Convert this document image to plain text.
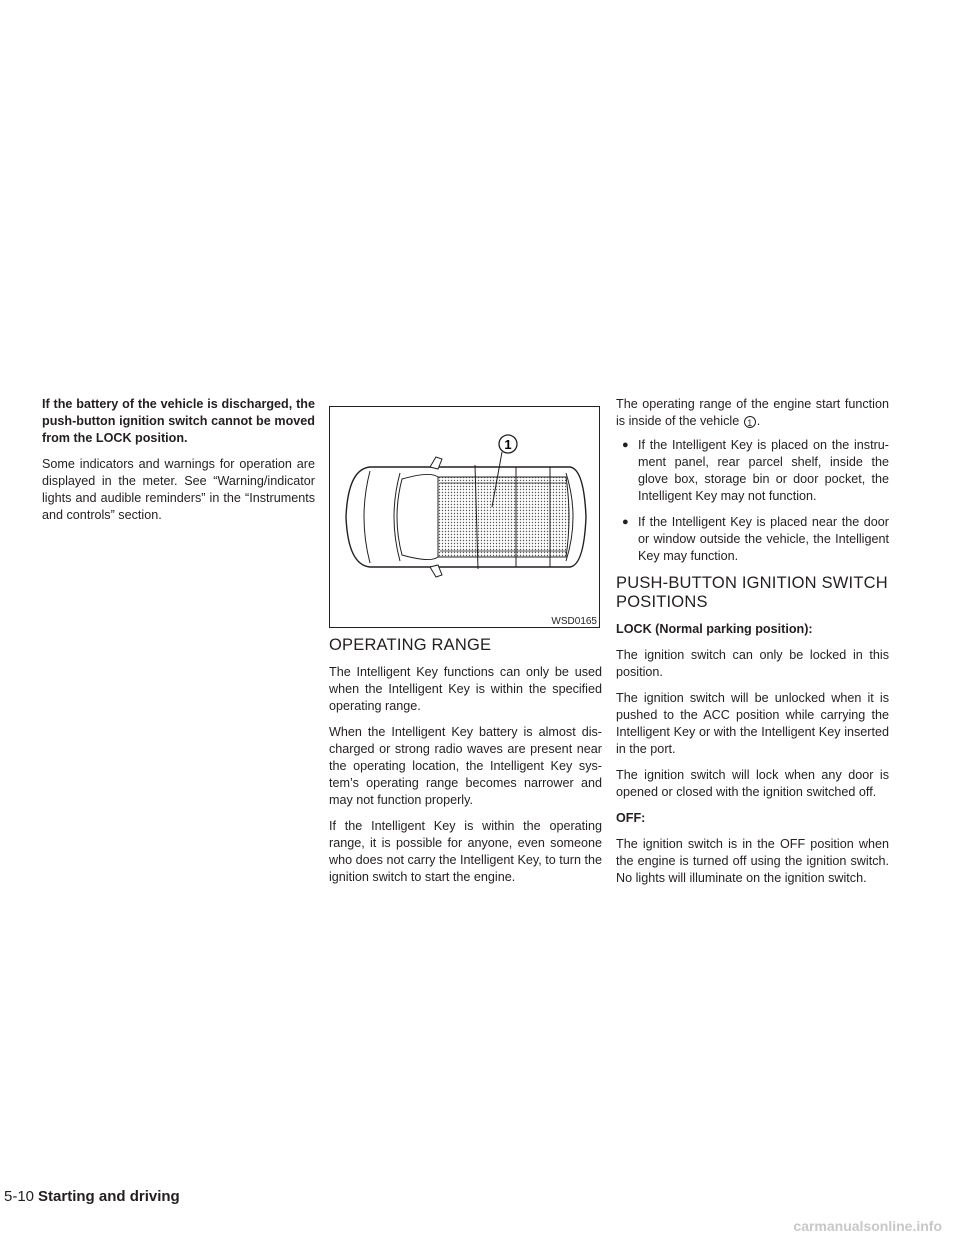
If the battery of the vehicle is discharged, the push-button ignition switch cannot be moved from the LOCK position.

Some indicators and warnings for operation are displayed in the meter. See “Warning/indicator lights and audible reminders” in the “Instruments and controls” section.

1
WSD0165
OPERATING RANGE

The Intelligent Key functions can only be used when the Intelligent Key is within the specified operating range.

When the Intelligent Key battery is almost dis-charged or strong radio waves are present near the operating location, the Intelligent Key sys-tem’s operating range becomes narrower and may not function properly.

If the Intelligent Key is within the operating range, it is possible for anyone, even someone who does not carry the Intelligent Key, to turn the ignition switch to start the engine.

The operating range of the engine start function is inside of the vehicle 1 .

● If the Intelligent Key is placed on the instru-ment panel, rear parcel shelf, inside the glove box, storage bin or door pocket, the Intelligent Key may not function.
● If the Intelligent Key is placed near the door or window outside the vehicle, the Intelligent Key may function.
PUSH-BUTTON IGNITION SWITCH POSITIONS

LOCK (Normal parking position):

The ignition switch can only be locked in this position.

The ignition switch will be unlocked when it is pushed to the ACC position while carrying the Intelligent Key or with the Intelligent Key inserted in the port.

The ignition switch will lock when any door is opened or closed with the ignition switched off.

OFF:

The ignition switch is in the OFF position when the engine is turned off using the ignition switch. No lights will illuminate on the ignition switch.

5-10 Starting and driving
carmanualsonline.info
